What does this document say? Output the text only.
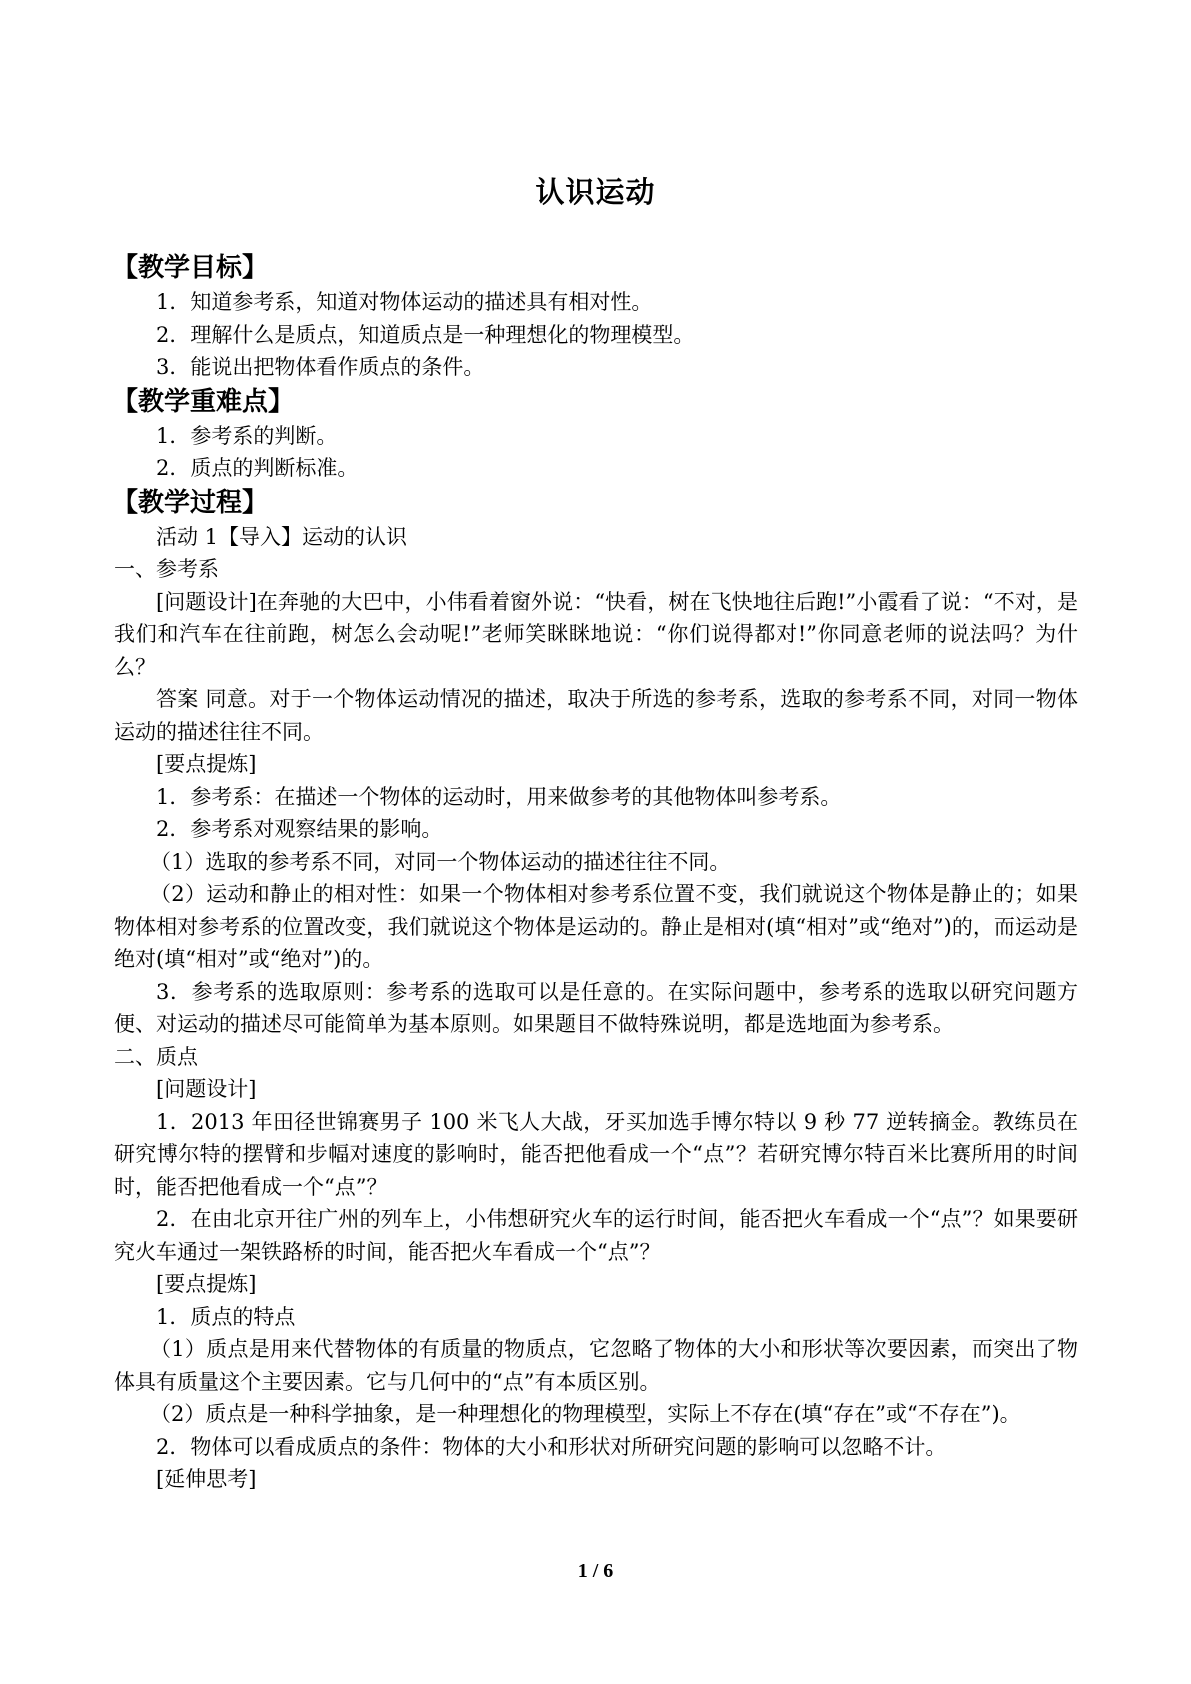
认识运动
【教学目标】
1．知道参考系，知道对物体运动的描述具有相对性。
2．理解什么是质点，知道质点是一种理想化的物理模型。
3．能说出把物体看作质点的条件。
【教学重难点】
1．参考系的判断。
2．质点的判断标准。
【教学过程】
活动 1【导入】运动的认识
一、参考系
[问题设计]在奔驰的大巴中，小伟看着窗外说：“快看，树在飞快地往后跑!”小霞看了说：“不对，是我们和汽车在往前跑，树怎么会动呢!”老师笑眯眯地说：“你们说得都对!”你同意老师的说法吗？为什么？
答案 同意。对于一个物体运动情况的描述，取决于所选的参考系，选取的参考系不同，对同一物体运动的描述往往不同。
[要点提炼]
1．参考系：在描述一个物体的运动时，用来做参考的其他物体叫参考系。
2．参考系对观察结果的影响。
（1）选取的参考系不同，对同一个物体运动的描述往往不同。
（2）运动和静止的相对性：如果一个物体相对参考系位置不变，我们就说这个物体是静止的；如果物体相对参考系的位置改变，我们就说这个物体是运动的。静止是相对(填“相对”或“绝对”)的，而运动是绝对(填“相对”或“绝对”)的。
3．参考系的选取原则：参考系的选取可以是任意的。在实际问题中，参考系的选取以研究问题方便、对运动的描述尽可能简单为基本原则。如果题目不做特殊说明，都是选地面为参考系。
二、质点
[问题设计]
1．2013 年田径世锦赛男子 100 米飞人大战，牙买加选手博尔特以 9 秒 77 逆转摘金。教练员在研究博尔特的摆臂和步幅对速度的影响时，能否把他看成一个“点”？若研究博尔特百米比赛所用的时间时，能否把他看成一个“点”？
2．在由北京开往广州的列车上，小伟想研究火车的运行时间，能否把火车看成一个“点”？如果要研究火车通过一架铁路桥的时间，能否把火车看成一个“点”？
[要点提炼]
1．质点的特点
（1）质点是用来代替物体的有质量的物质点，它忽略了物体的大小和形状等次要因素，而突出了物体具有质量这个主要因素。它与几何中的“点”有本质区别。
（2）质点是一种科学抽象，是一种理想化的物理模型，实际上不存在(填“存在”或“不存在”)。
2．物体可以看成质点的条件：物体的大小和形状对所研究问题的影响可以忽略不计。
[延伸思考]
1 / 6
